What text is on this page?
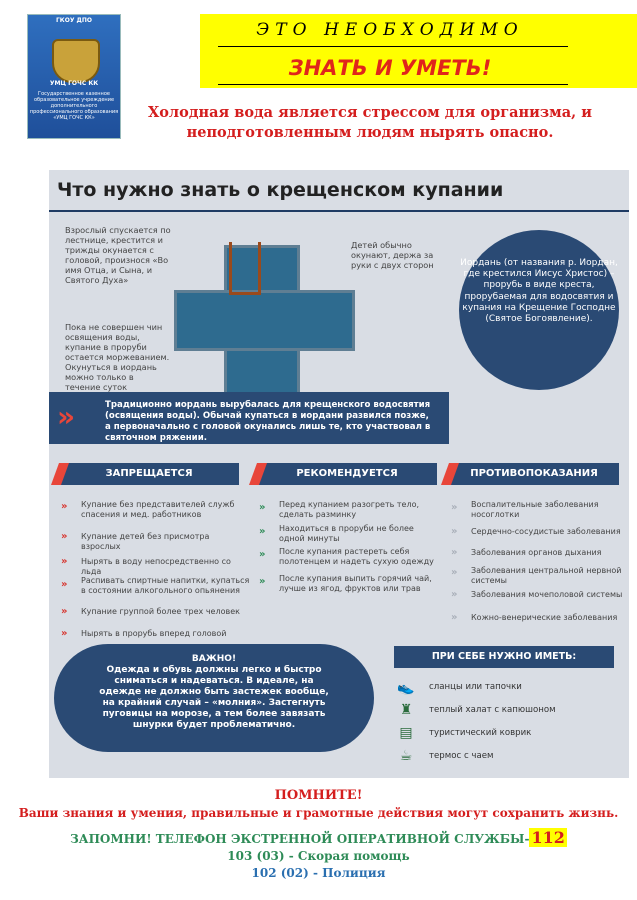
ГКОУ ДПО
УМЦ ГОЧС КК
Государственное казенное образовательное учреждение дополнительного профессионального образования «УМЦ ГОЧС КК»
ЭТО НЕОБХОДИМО
ЗНАТЬ И УМЕТЬ!
Холодная вода является стрессом для организма, и неподготовленным людям нырять опасно.
Что нужно знать о крещенском купании
Взрослый спускается по лестнице, крестится и трижды окунается с головой, произнося «Во имя Отца, и Сына, и Святого Духа»
Детей обычно окунают, держа за руки с двух сторон
Пока не совершен чин освящения воды, купание в проруби остается моржеванием. Окунуться в иордань можно только в течение суток
Иордань (от названия р. Иордан, где крестился Иисус Христос) – прорубь в виде креста, прорубаемая для водосвятия и купания на Крещение Господне (Святое Богоявление).
»	Традиционно иордань вырубалась для крещенского водосвятия (освящения воды). Обычай купаться в иордани развился позже, а первоначально с головой окунались лишь те, кто участвовал в святочном ряжении.
ЗАПРЕЩАЕТСЯ	РЕКОМЕНДУЕТСЯ	ПРОТИВОПОКАЗАНИЯ
»	Купание без представителей служб спасения и мед. работников
»	Купание детей без присмотра взрослых
»	Нырять в воду непосредственно со льда
»	Распивать спиртные напитки, купаться в состоянии алкогольного опьянения
»	Купание группой более трех человек
»	Нырять в прорубь вперед головой
»	Перед купанием разогреть тело, сделать разминку
»	Находиться в проруби не более одной минуты
»	После купания растереть себя полотенцем и надеть сухую одежду
»	После купания выпить горячий чай, лучше из ягод, фруктов или трав
»	Воспалительные заболевания носоглотки
»	Сердечно-сосудистые заболевания
»	Заболевания органов дыхания
»	Заболевания центральной нервной системы
»	Заболевания мочеполовой системы
»	Кожно-венерические заболевания
ВАЖНО!
Одежда и обувь должны легко и быстро сниматься и надеваться. В идеале, на одежде не должно быть застежек вообще, на крайний случай – «молния». Застегнуть пуговицы на морозе, а тем более завязать шнурки будет проблематично.
ПРИ СЕБЕ НУЖНО ИМЕТЬ:
👟	сланцы или тапочки
♜	теплый халат с капюшоном
▤	туристический коврик
☕	термос с чаем
ПОМНИТЕ!
Ваши знания и умения, правильные и грамотные действия могут сохранить жизнь.
ЗАПОМНИ! ТЕЛЕФОН ЭКСТРЕННОЙ ОПЕРАТИВНОЙ СЛУЖБЫ- 112
103 (03) - Скорая помощь
102 (02) - Полиция
